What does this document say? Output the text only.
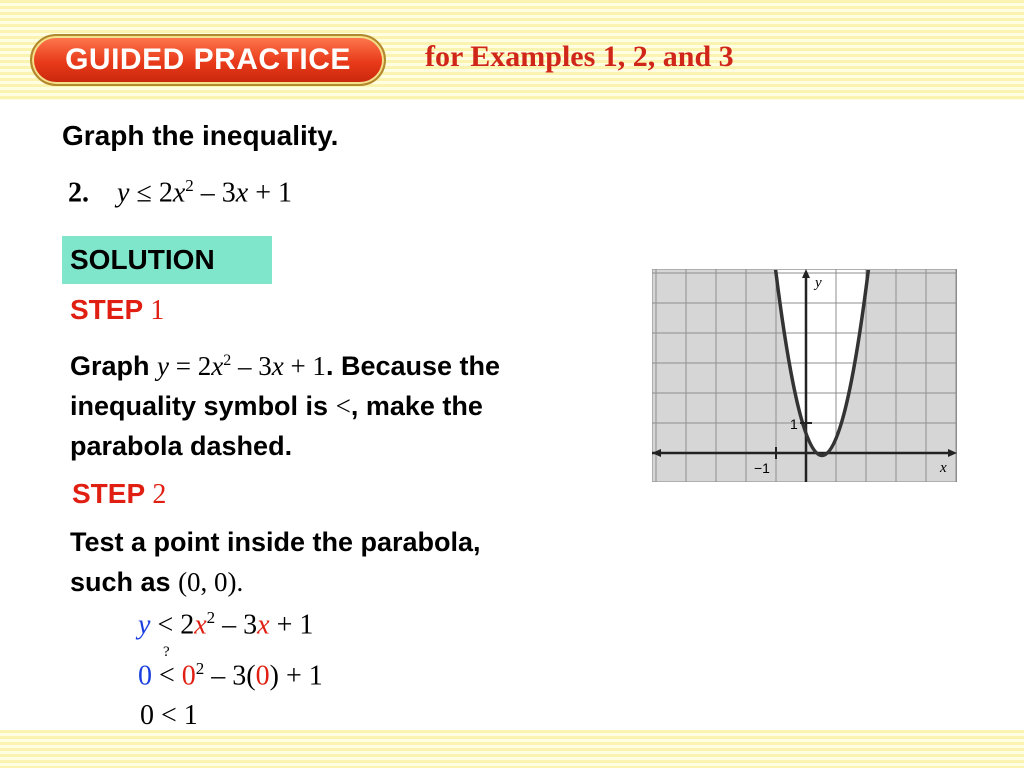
GUIDED PRACTICE for Examples 1, 2, and 3
Graph the inequality.
2. $y \le 2x^2 - 3x + 1$
SOLUTION
STEP 1
Graph $y = 2x^2 - 3x + 1$. Because the
inequality symbol is <, make the
parabola dashed.
STEP 2
Test a point inside the parabola,
such as (0, 0).
$y < 2x^2 - 3x + 1$
0
?
< $0^2 - 3(0) + 1$
0 < 1
y
x
1
−1
